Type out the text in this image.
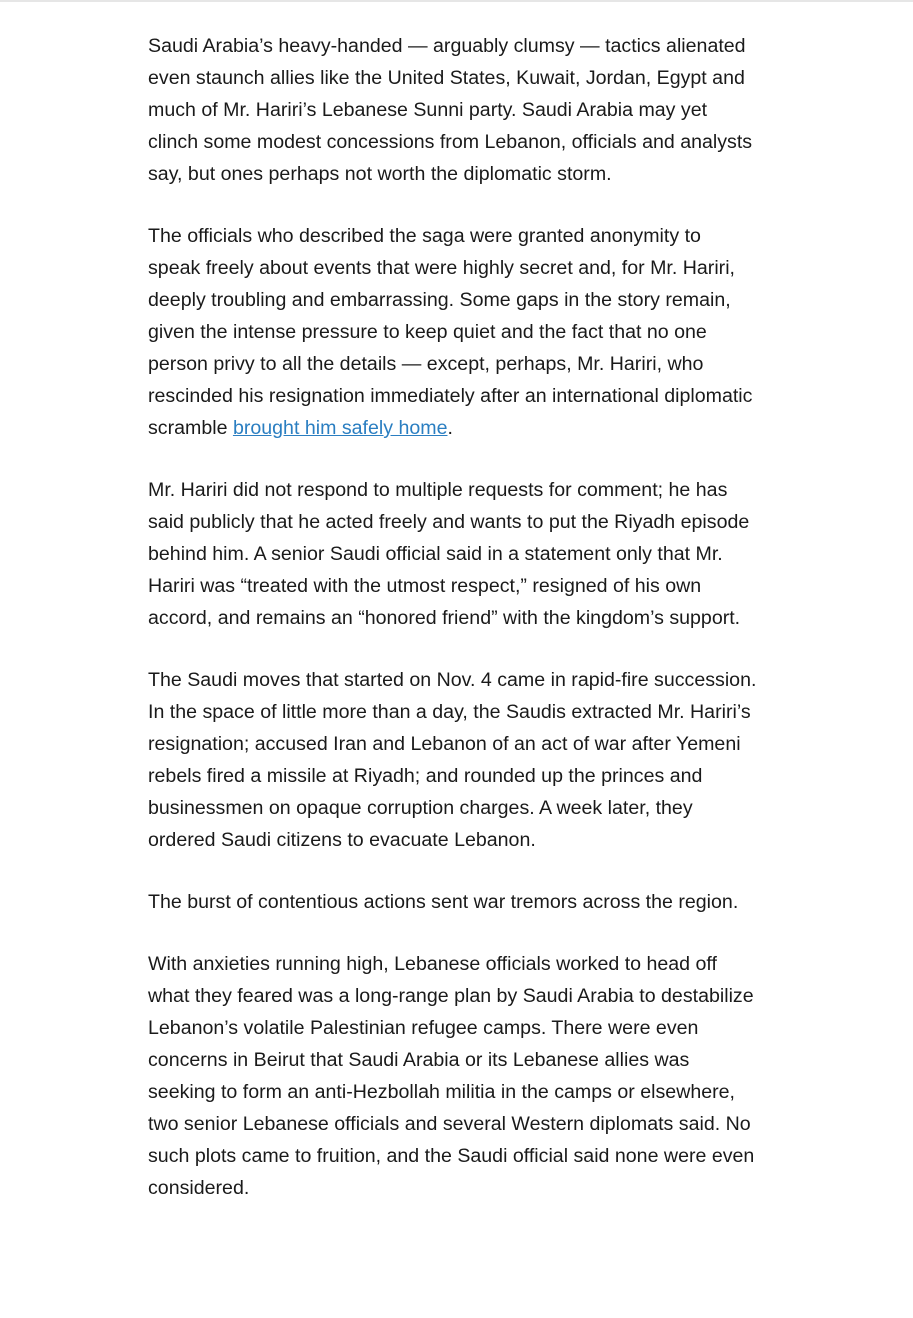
Saudi Arabia’s heavy-handed — arguably clumsy — tactics alienated even staunch allies like the United States, Kuwait, Jordan, Egypt and much of Mr. Hariri’s Lebanese Sunni party. Saudi Arabia may yet clinch some modest concessions from Lebanon, officials and analysts say, but ones perhaps not worth the diplomatic storm.

The officials who described the saga were granted anonymity to speak freely about events that were highly secret and, for Mr. Hariri, deeply troubling and embarrassing. Some gaps in the story remain, given the intense pressure to keep quiet and the fact that no one person privy to all the details — except, perhaps, Mr. Hariri, who rescinded his resignation immediately after an international diplomatic scramble brought him safely home.

Mr. Hariri did not respond to multiple requests for comment; he has said publicly that he acted freely and wants to put the Riyadh episode behind him. A senior Saudi official said in a statement only that Mr. Hariri was “treated with the utmost respect,” resigned of his own accord, and remains an “honored friend” with the kingdom’s support.

The Saudi moves that started on Nov. 4 came in rapid-fire succession. In the space of little more than a day, the Saudis extracted Mr. Hariri’s resignation; accused Iran and Lebanon of an act of war after Yemeni rebels fired a missile at Riyadh; and rounded up the princes and businessmen on opaque corruption charges. A week later, they ordered Saudi citizens to evacuate Lebanon.

The burst of contentious actions sent war tremors across the region.

With anxieties running high, Lebanese officials worked to head off what they feared was a long-range plan by Saudi Arabia to destabilize Lebanon’s volatile Palestinian refugee camps. There were even concerns in Beirut that Saudi Arabia or its Lebanese allies was seeking to form an anti-Hezbollah militia in the camps or elsewhere, two senior Lebanese officials and several Western diplomats said. No such plots came to fruition, and the Saudi official said none were even considered.
